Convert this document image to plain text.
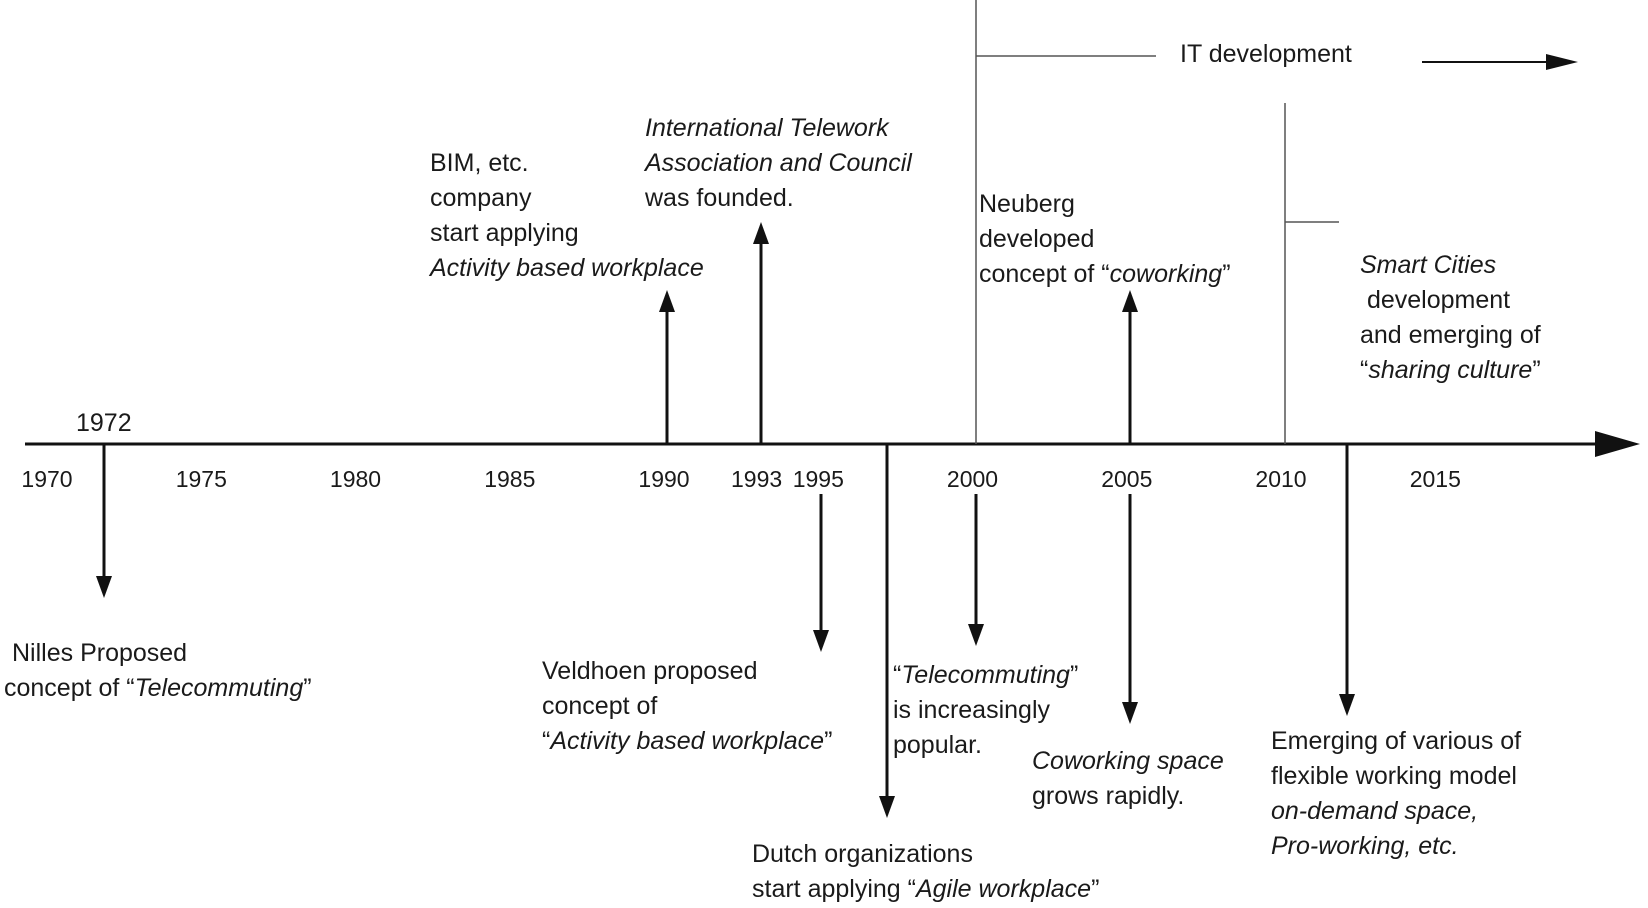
1972
1970	1975	1980	1985	1990 1993 1995	2000	2005	2010	2015
IT development
Nilles Proposed concept of “Telecommuting”
BIM, etc. company start applying Activity based workplace
International Telework Association and Council was founded.
Veldhoen proposed concept of “Activity based workplace”
Dutch organizations start applying “Agile workplace”
Neuberg developed concept of “coworking”
“Telecommuting” is increasingly popular.
Coworking space grows rapidly.
Smart Cities development and emerging of “sharing culture”
Emerging of various of flexible working model on-demand space, Pro-working, etc.
